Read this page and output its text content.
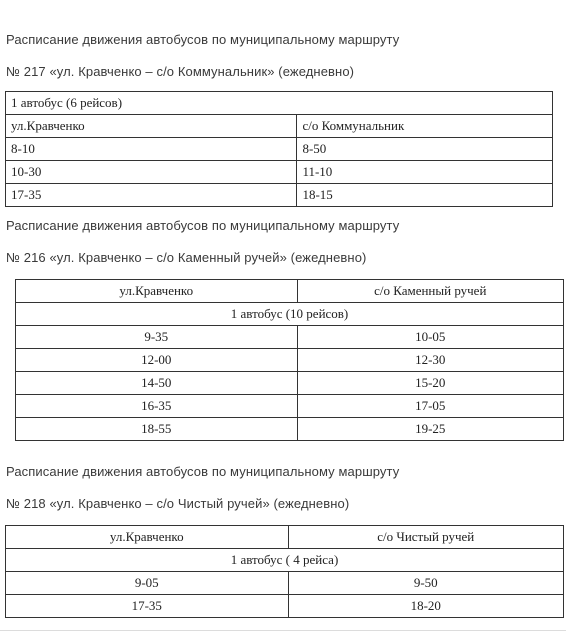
Расписание движения автобусов по муниципальному маршруту
№ 217 «ул. Кравченко – с/о Коммунальник» (ежедневно)
1 автобус (6 рейсов)	
ул.Кравченко	с/о Коммунальник
8-10	8-50
10-30	11-10
17-35	18-15
Расписание движения автобусов по муниципальному маршруту
№ 216 «ул. Кравченко – с/о Каменный ручей» (ежедневно)
ул.Кравченко	с/о Каменный ручей
1 автобус (10 рейсов)	
9-35	10-05
12-00	12-30
14-50	15-20
16-35	17-05
18-55	19-25
Расписание движения автобусов по муниципальному маршруту
№ 218 «ул. Кравченко – с/о Чистый ручей» (ежедневно)
ул.Кравченко	с/о Чистый ручей
1 автобус ( 4 рейса)	
9-05	9-50
17-35	18-20
